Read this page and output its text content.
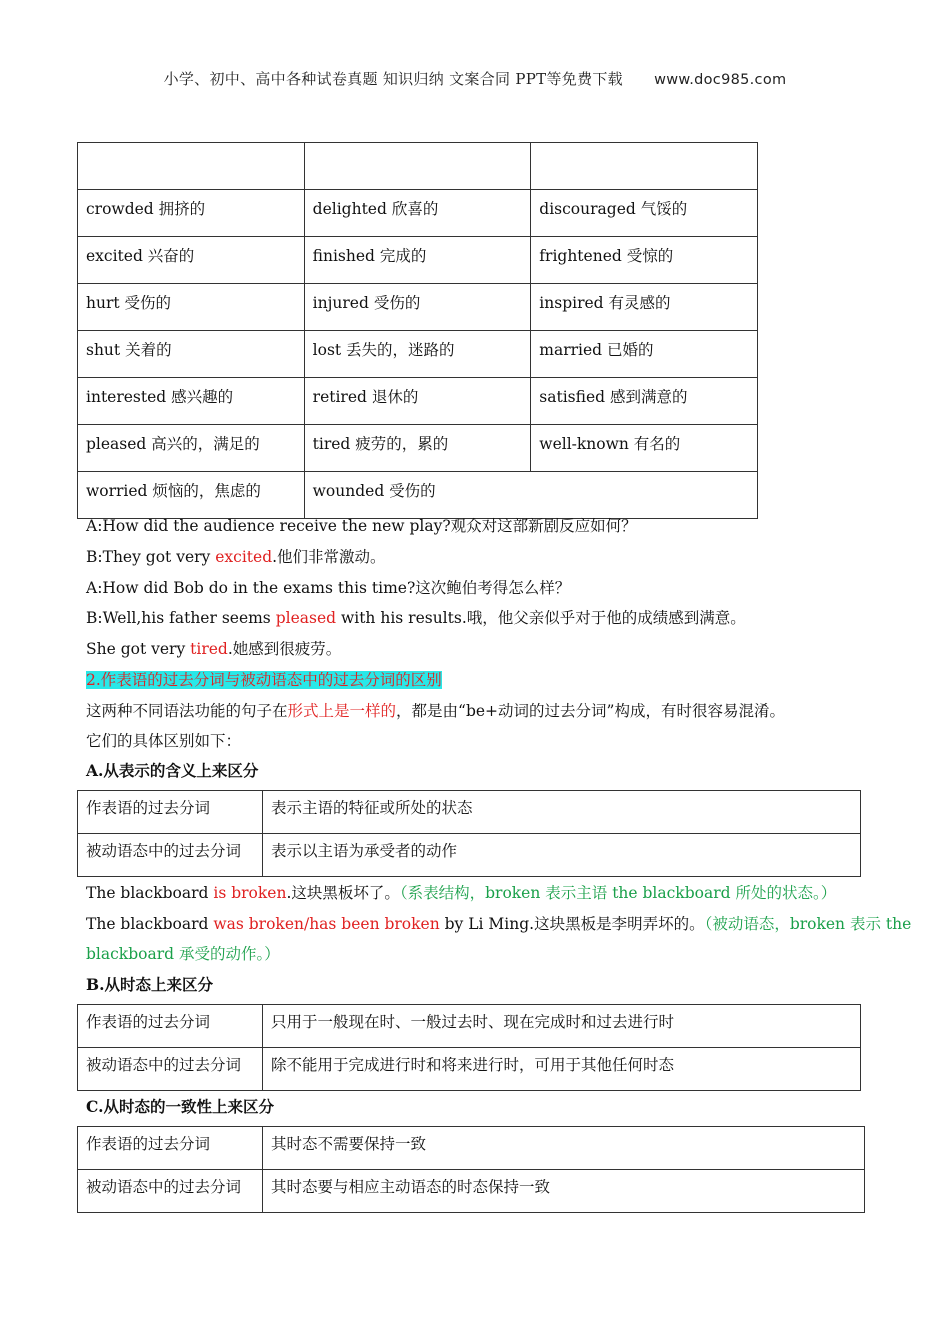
小学、初中、高中各种试卷真题 知识归纳 文案合同 PPT等免费下载 www.doc985.com

crowded 拥挤的	delighted 欣喜的	discouraged 气馁的
excited 兴奋的	finished 完成的	frightened 受惊的
hurt 受伤的	injured 受伤的	inspired 有灵感的
shut 关着的	lost 丢失的，迷路的	married 已婚的
interested 感兴趣的	retired 退休的	satisfied 感到满意的
pleased 高兴的，满足的	tired 疲劳的，累的	well-known 有名的
worried 烦恼的，焦虑的	wounded 受伤的	
A:How did the audience receive the new play?观众对这部新剧反应如何？
B:They got very excited.他们非常激动。
A:How did Bob do in the exams this time?这次鲍伯考得怎么样？
B:Well,his father seems pleased with his results.哦，他父亲似乎对于他的成绩感到满意。
She got very tired.她感到很疲劳。
2.作表语的过去分词与被动语态中的过去分词的区别
这两种不同语法功能的句子在形式上是一样的，都是由“be+动词的过去分词”构成，有时很容易混淆。
它们的具体区别如下：
A.从表示的含义上来区分
作表语的过去分词	表示主语的特征或所处的状态
被动语态中的过去分词	表示以主语为承受者的动作
The blackboard is broken.这块黑板坏了。（系表结构，broken 表示主语 the blackboard 所处的状态。）
The blackboard was broken/has been broken by Li Ming.这块黑板是李明弄坏的。（被动语态，broken 表示 the
blackboard 承受的动作。）
B.从时态上来区分
作表语的过去分词	只用于一般现在时、一般过去时、现在完成时和过去进行时
被动语态中的过去分词	除不能用于完成进行时和将来进行时，可用于其他任何时态
C.从时态的一致性上来区分
作表语的过去分词	其时态不需要保持一致
被动语态中的过去分词	其时态要与相应主动语态的时态保持一致
